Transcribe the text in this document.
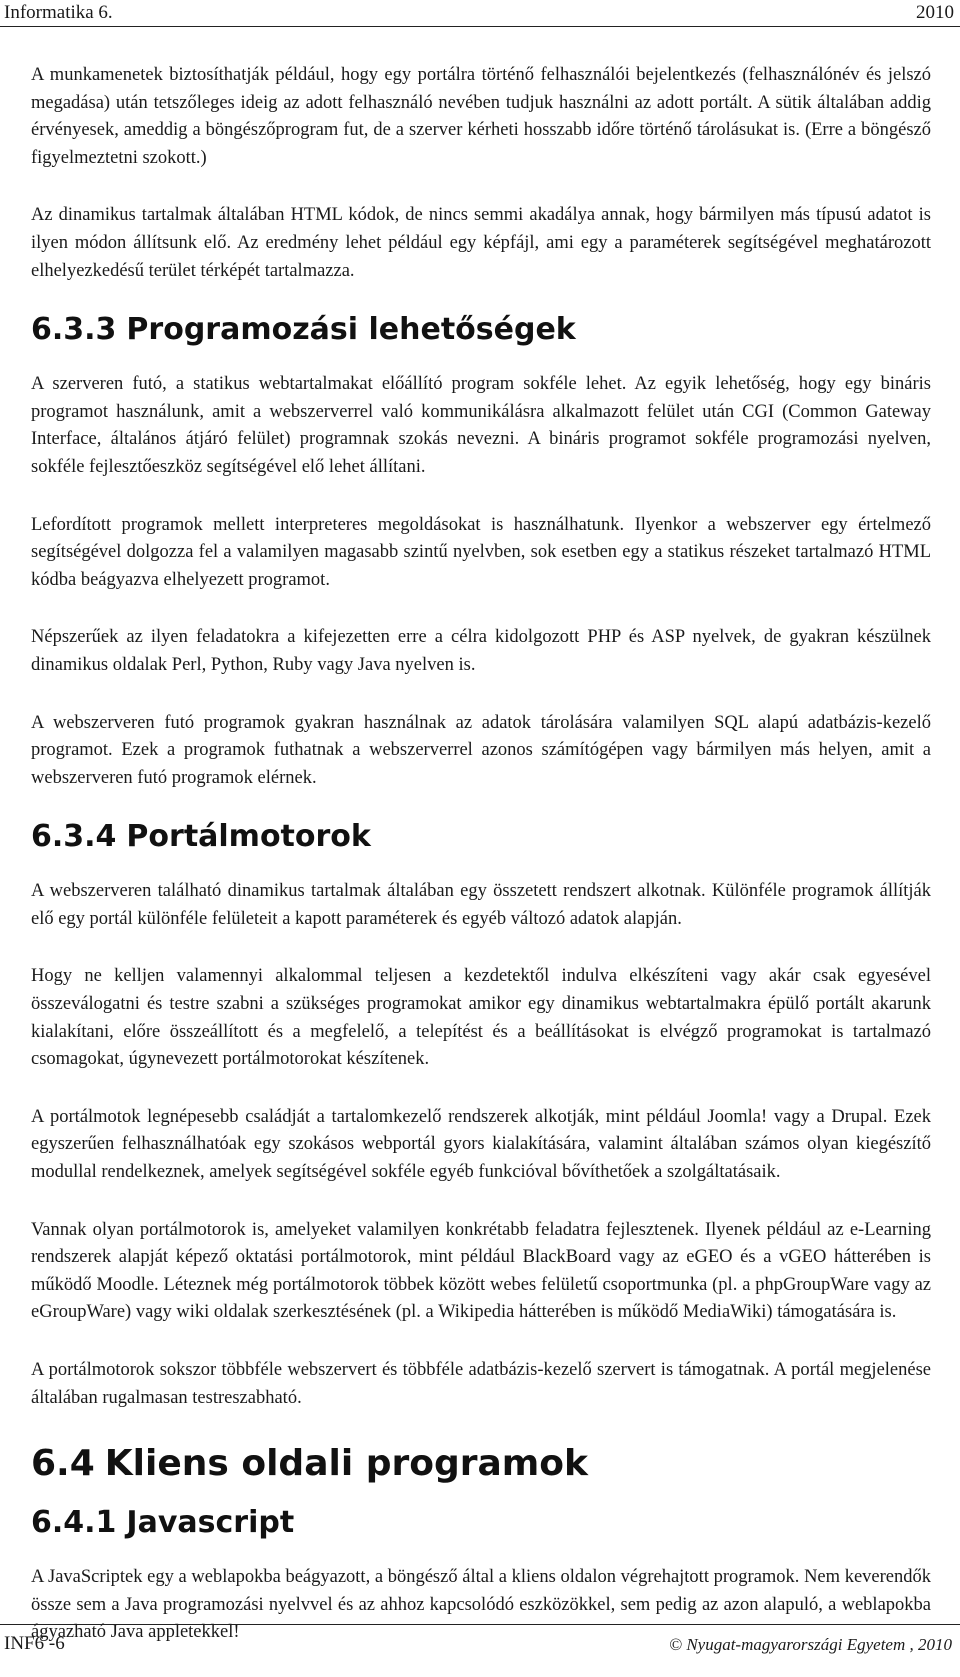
Informatika 6.	2010

A munkamenetek biztosíthatják például, hogy egy portálra történő felhasználói bejelentkezés (felhasználónév és jelszó megadása) után tetszőleges ideig az adott felhasználó nevében tudjuk használni az adott portált. A sütik általában addig érvényesek, ameddig a böngészőprogram fut, de a szerver kérheti hosszabb időre történő tárolásukat is. (Erre a böngésző figyelmeztetni szokott.)

Az dinamikus tartalmak általában HTML kódok, de nincs semmi akadálya annak, hogy bármilyen más típusú adatot is ilyen módon állítsunk elő. Az eredmény lehet például egy képfájl, ami egy a paraméterek segítségével meghatározott elhelyezkedésű terület térképét tartalmazza.

6.3.3 Programozási lehetőségek

A szerveren futó, a statikus webtartalmakat előállító program sokféle lehet. Az egyik lehetőség, hogy egy bináris programot használunk, amit a webszerverrel való kommunikálásra alkalmazott felület után CGI (Common Gateway Interface, általános átjáró felület) programnak szokás nevezni. A bináris programot sokféle programozási nyelven, sokféle fejlesztőeszköz segítségével elő lehet állítani.

Lefordított programok mellett interpreteres megoldásokat is használhatunk. Ilyenkor a webszerver egy értelmező segítségével dolgozza fel a valamilyen magasabb szintű nyelvben, sok esetben egy a statikus részeket tartalmazó HTML kódba beágyazva elhelyezett programot.

Népszerűek az ilyen feladatokra a kifejezetten erre a célra kidolgozott PHP és ASP nyelvek, de gyakran készülnek dinamikus oldalak Perl, Python, Ruby vagy Java nyelven is.

A webszerveren futó programok gyakran használnak az adatok tárolására valamilyen SQL alapú adatbázis-kezelő programot. Ezek a programok futhatnak a webszerverrel azonos számítógépen vagy bármilyen más helyen, amit a webszerveren futó programok elérnek.

6.3.4 Portálmotorok

A webszerveren található dinamikus tartalmak általában egy összetett rendszert alkotnak. Különféle programok állítják elő egy portál különféle felületeit a kapott paraméterek és egyéb változó adatok alapján.

Hogy ne kelljen valamennyi alkalommal teljesen a kezdetektől indulva elkészíteni vagy akár csak egyesével összeválogatni és testre szabni a szükséges programokat amikor egy dinamikus webtartalmakra épülő portált akarunk kialakítani, előre összeállított és a megfelelő, a telepítést és a beállításokat is elvégző programokat is tartalmazó csomagokat, úgynevezett portálmotorokat készítenek.

A portálmotok legnépesebb családját a tartalomkezelő rendszerek alkotják, mint például Joomla! vagy a Drupal. Ezek egyszerűen felhasználhatóak egy szokásos webportál gyors kialakítására, valamint általában számos olyan kiegészítő modullal rendelkeznek, amelyek segítségével sokféle egyéb funkcióval bővíthetőek a szolgáltatásaik.

Vannak olyan portálmotorok is, amelyeket valamilyen konkrétabb feladatra fejlesztenek. Ilyenek például az e-Learning rendszerek alapját képező oktatási portálmotorok, mint például BlackBoard vagy az eGEO és a vGEO hátterében is működő Moodle. Léteznek még portálmotorok többek között webes felületű csoportmunka (pl. a phpGroupWare vagy az eGroupWare) vagy wiki oldalak szerkesztésének (pl. a Wikipedia hátterében is működő MediaWiki) támogatására is.

A portálmotorok sokszor többféle webszervert és többféle adatbázis-kezelő szervert is támogatnak. A portál megjelenése általában rugalmasan testreszabható.

6.4 Kliens oldali programok
6.4.1 Javascript

A JavaScriptek egy a weblapokba beágyazott, a böngésző által a kliens oldalon végrehajtott programok. Nem keverendők össze sem a Java programozási nyelvvel és az ahhoz kapcsolódó eszközökkel, sem pedig az azon alapuló, a weblapokba ágyazható Java appletekkel!

INF6 -6	© Nyugat-magyarországi Egyetem , 2010
